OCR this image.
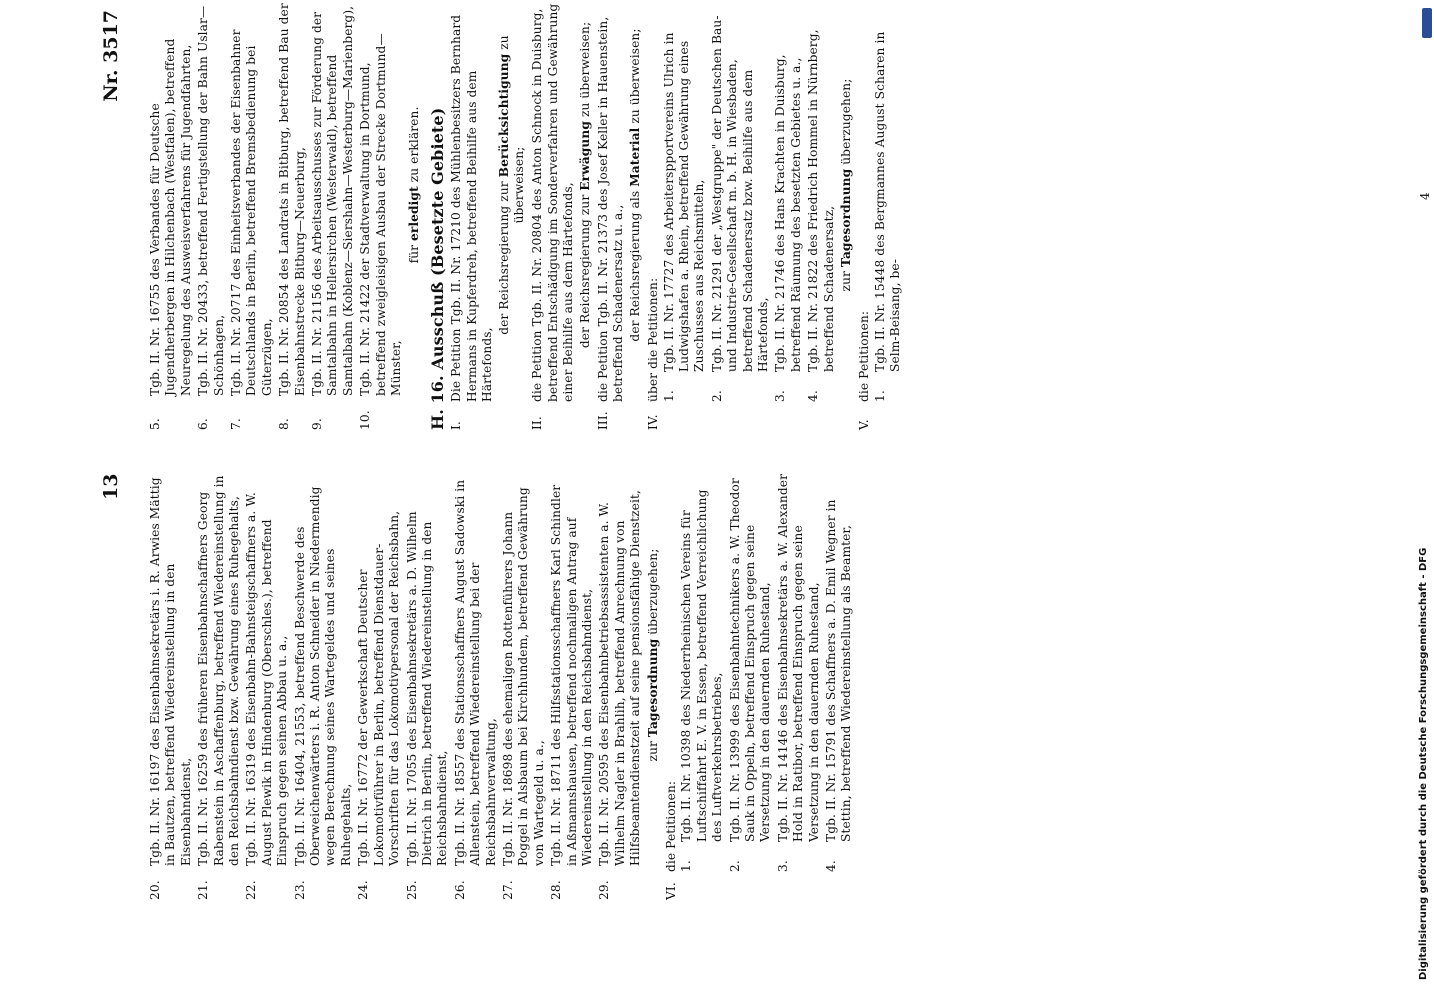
13
Nr. 3517
20.
Tgb. II. Nr. 16197 des Eisenbahnsekretärs i. R. Arwies Mättig in Bautzen, betreffend Wiedereinstellung in den Eisenbahndienst,
21.
Tgb. II. Nr. 16259 des früheren Eisenbahnschaffners Georg Rabenstein in Aschaffenburg, betreffend Wiedereinstellung in den Reichsbahndienst bzw. Gewährung eines Ruhegehalts,
22.
Tgb. II. Nr. 16319 des Eisenbahn-Bahnsteigschaffners a. W. August Plewik in Hindenburg (Oberschles.), betreffend Einspruch gegen seinen Abbau u. a.,
23.
Tgb. II. Nr. 16404, 21553, betreffend Beschwerde des Oberweichenwärters i. R. Anton Schneider in Niedermendig wegen Berechnung seines Wartegeldes und seines Ruhegehalts,
24.
Tgb. II. Nr. 16772 der Gewerkschaft Deutscher Lokomotivführer in Berlin, betreffend Dienstdauer-Vorschriften für das Lokomotivpersonal der Reichsbahn,
25.
Tgb. II. Nr. 17055 des Eisenbahnsekretärs a. D. Wilhelm Dietrich in Berlin, betreffend Wiedereinstellung in den Reichsbahndienst,
26.
Tgb. II. Nr. 18557 des Stationsschaffners August Sadowski in Allenstein, betreffend Wiedereinstellung bei der Reichsbahnverwaltung,
27.
Tgb. II. Nr. 18698 des ehemaligen Rottenführers Johann Poggel in Alsbaum bei Kirchhundem, betreffend Gewährung von Wartegeld u. a.,
28.
Tgb. II. Nr. 18711 des Hilfsstationsschaffners Karl Schindler in Aßmannshausen, betreffend nochmaligen Antrag auf Wiedereinstellung in den Reichsbahndienst,
29.
Tgb. II. Nr. 20595 des Eisenbahnbetriebsassistenten a. W. Wilhelm Nagler in Brahlih, betreffend Anrechnung von Hilfsbeamtendienstzeit auf seine pensionsfähige Dienstzeit, zur Tagesordnung überzugehen;
VI.
die Petitionen: 1.
Tgb. II. Nr. 10398 des Niederrheinischen Vereins für Luftschiffahrt E. V. in Essen, betreffend Verreichlichung des Luftverkehrsbetriebes,
2.
Tgb. II. Nr. 13999 des Eisenbahntechnikers a. W. Theodor Sauk in Oppeln, betreffend Einspruch gegen seine Versetzung in den dauernden Ruhestand,
3.
Tgb. II. Nr. 14146 des Eisenbahnsekretärs a. W. Alexander Hold in Ratibor, betreffend Einspruch gegen seine Versetzung in den dauernden Ruhestand,
4.
Tgb. II. Nr. 15791 des Schaffners a. D. Emil Wegner in Stettin, betreffend Wiedereinstellung als Beamter,
5.
Tgb. II. Nr. 16755 des Verbandes für Deutsche Jugendherbergen in Hilchenbach (Westfalen), betreffend Neuregelung des Ausweisverfahrens für Jugendfahrten,
6.
Tgb. II. Nr. 20433, betreffend Fertigstellung der Bahn Uslar—Schönhagen,
7.
Tgb. II. Nr. 20717 des Einheitsverbandes der Eisenbahner Deutschlands in Berlin, betreffend Bremsbedienung bei Güterzügen,
8.
Tgb. II. Nr. 20854 des Landrats in Bitburg, betreffend Bau der Eisenbahnstrecke Bitburg—Neuerburg,
9.
Tgb. II. Nr. 21156 des Arbeitsausschusses zur Förderung der Samtalbahn in Hellersirchen (Westerwald), betreffend Samtalbahn (Koblenz—Siershahn—Westerburg—Marienberg),
10.
Tgb. II. Nr. 21422 der Stadtverwaltung in Dortmund, betreffend zweigleisigen Ausbau der Strecke Dortmund—Münster,
für erledigt zu erklären. H. 16. Ausschuß (Besetzte Gebiete) I.
Die Petition Tgb. II. Nr. 17210 des Mühlenbesitzers Bernhard Hermans in Kupferdreh, betreffend Beihilfe aus dem Härtefonds,
der Reichsregierung zur Berücksichtigung zu überweisen;
II.
die Petition Tgb. II. Nr. 20804 des Anton Schnock in Duisburg, betreffend Entschädigung im Sonderverfahren und Gewährung einer Beihilfe aus dem Härtefonds, der Reichsregierung zur Erwägung zu überweisen;
III.
die Petition Tgb. II. Nr. 21373 des Josef Keller in Hauenstein, betreffend Schadenersatz u. a., der Reichsregierung als Material zu überweisen;
IV.
über die Petitionen: 1.
Tgb. II. Nr. 17727 des Arbeiterspportvereins Ulrich in Ludwigshafen a. Rhein, betreffend Gewährung eines Zuschusses aus Reichsmitteln,
2.
Tgb. II. Nr. 21291 der „Westgruppe" der Deutschen Bau- und Industrie-Gesellschaft m. b. H. in Wiesbaden, betreffend Schadenersatz bzw. Beihilfe aus dem Härtefonds,
3.
Tgb. II. Nr. 21746 des Hans Krachten in Duisburg, betreffend Räumung des besetzten Gebietes u. a.,
4.
Tgb. II. Nr. 21822 des Friedrich Hommel in Nürnberg, betreffend Schadenersatz, zur Tagesordnung überzugehen;
V.
die Petitionen: 1.
Tgb. II. Nr. 15448 des Bergmannes August Scharen in Selm-Beisang, be-
4
Digitalisierung gefördert durch die Deutsche Forschungsgemeinschaft - DFG
